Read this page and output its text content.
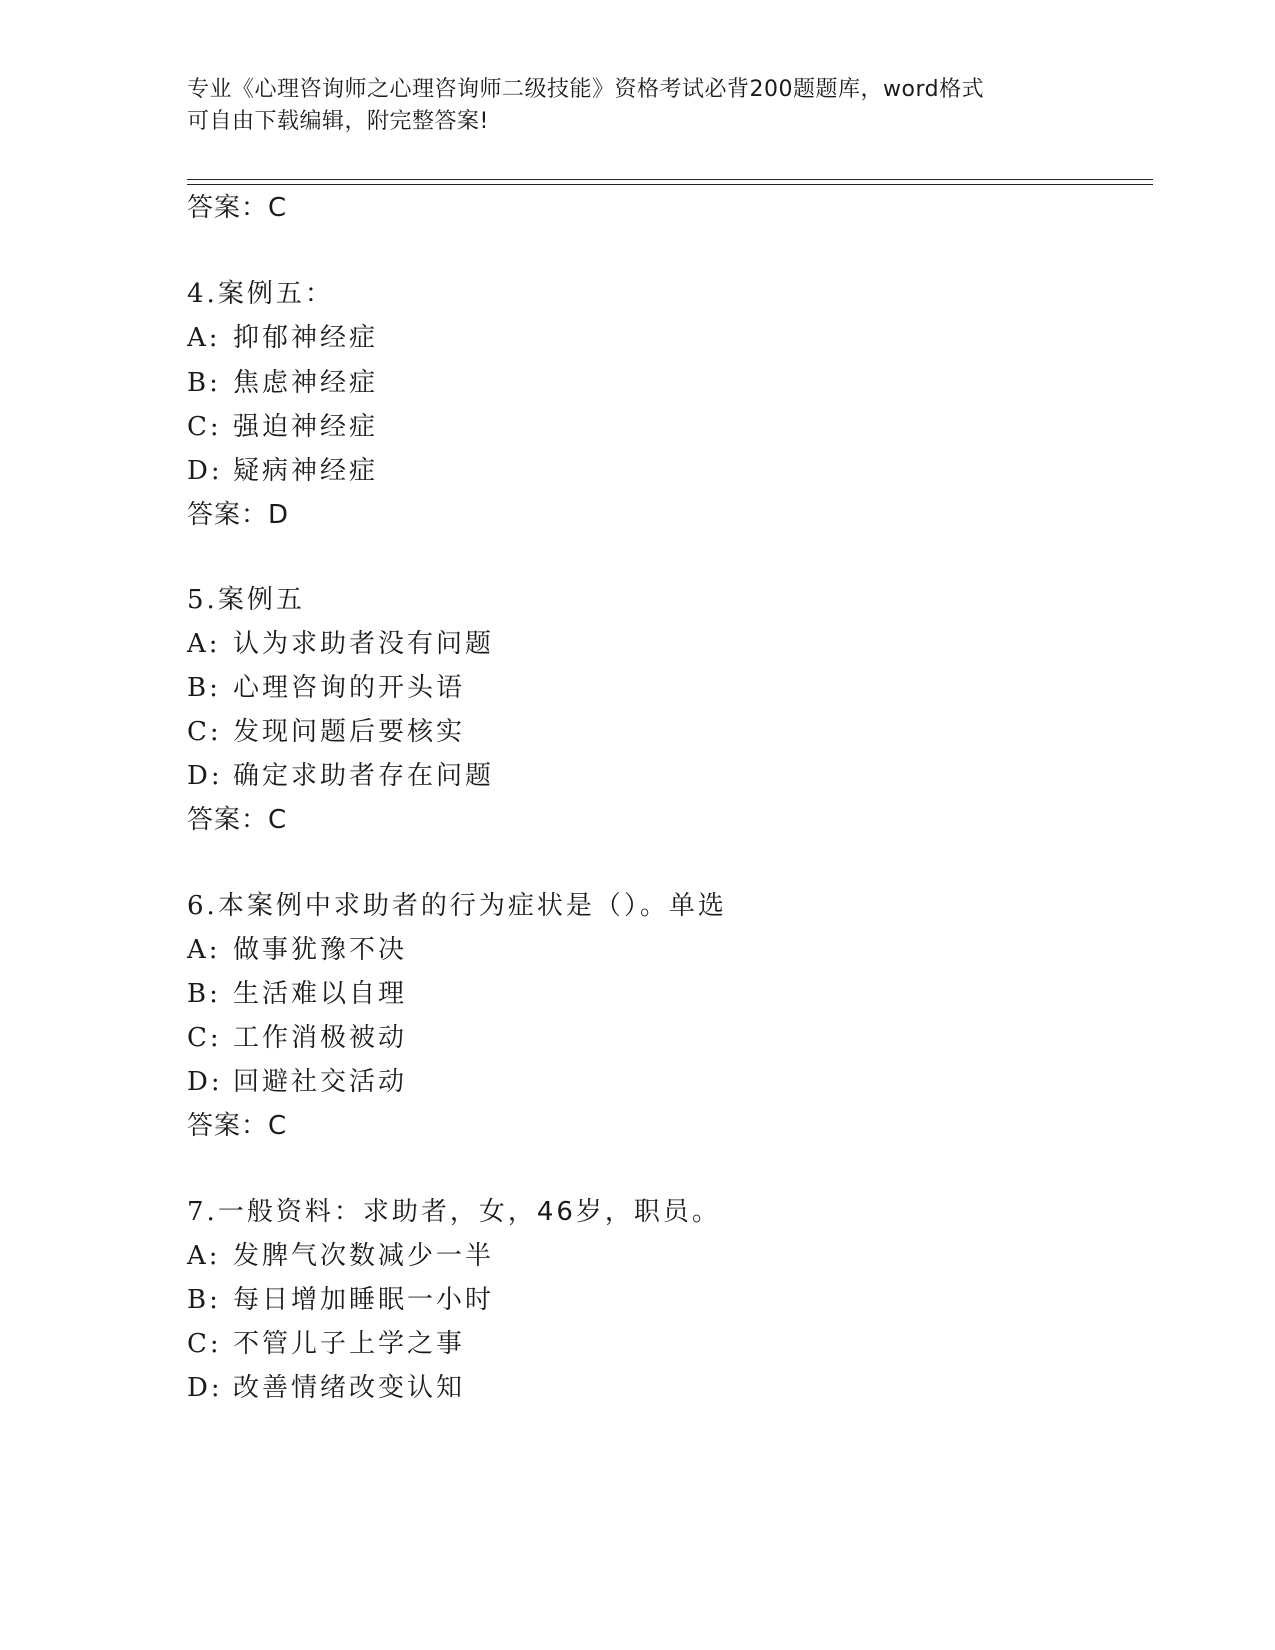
专业《心理咨询师之心理咨询师二级技能》资格考试必背200题题库，word格式
可自由下载编辑，附完整答案!
答案：C
4.案例五：
A: 抑郁神经症
B: 焦虑神经症
C: 强迫神经症
D: 疑病神经症
答案：D
5.案例五
A: 认为求助者没有问题
B: 心理咨询的开头语
C: 发现问题后要核实
D: 确定求助者存在问题
答案：C
6.本案例中求助者的行为症状是（）。单选
A: 做事犹豫不决
B: 生活难以自理
C: 工作消极被动
D: 回避社交活动
答案：C
7.一般资料：求助者，女，46岁，职员。
A: 发脾气次数减少一半
B: 每日增加睡眠一小时
C: 不管儿子上学之事
D: 改善情绪改变认知
